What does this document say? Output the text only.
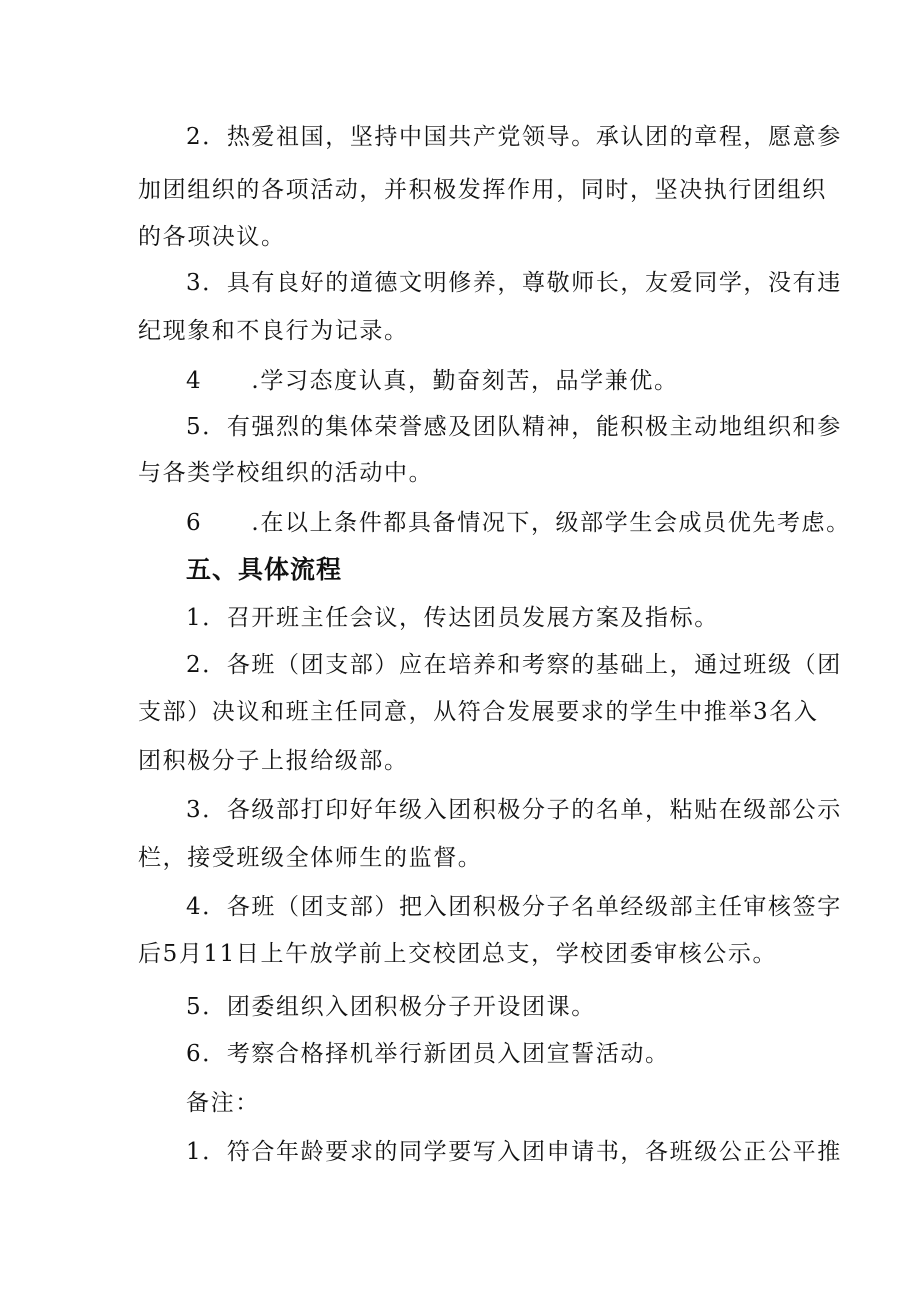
2．热爱祖国，坚持中国共产党领导。承认团的章程，愿意参
加团组织的各项活动，并积极发挥作用，同时，坚决执行团组织
的各项决议。
3．具有良好的道德文明修养，尊敬师长，友爱同学，没有违
纪现象和不良行为记录。
4　　.学习态度认真，勤奋刻苦，品学兼优。
5．有强烈的集体荣誉感及团队精神，能积极主动地组织和参
与各类学校组织的活动中。
6　　.在以上条件都具备情况下，级部学生会成员优先考虑。
五、具体流程
1．召开班主任会议，传达团员发展方案及指标。
2．各班（团支部）应在培养和考察的基础上，通过班级（团
支部）决议和班主任同意，从符合发展要求的学生中推举3名入
团积极分子上报给级部。
3．各级部打印好年级入团积极分子的名单，粘贴在级部公示
栏，接受班级全体师生的监督。
4．各班（团支部）把入团积极分子名单经级部主任审核签字
后5月11日上午放学前上交校团总支，学校团委审核公示。
5．团委组织入团积极分子开设团课。
6．考察合格择机举行新团员入团宣誓活动。
备注：
1．符合年龄要求的同学要写入团申请书，各班级公正公平推
